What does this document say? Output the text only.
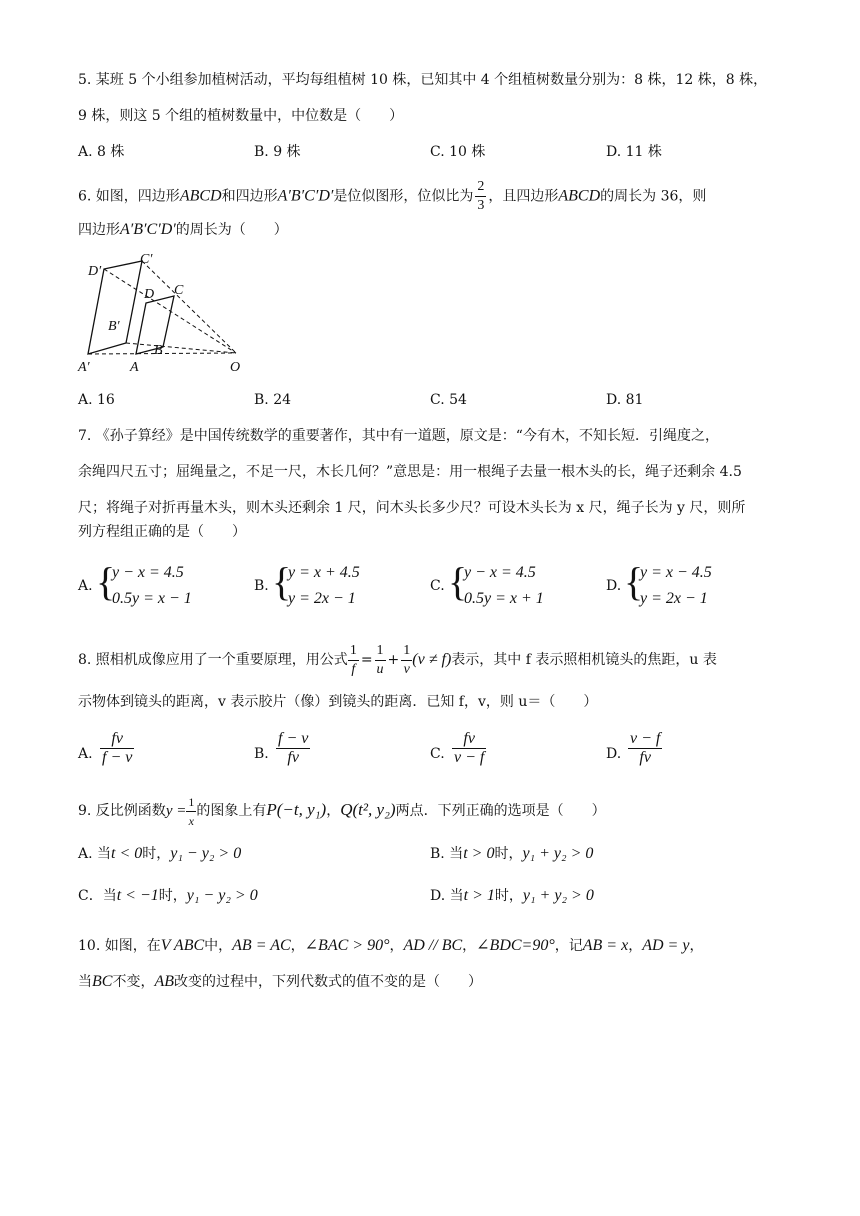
5. 某班 5 个小组参加植树活动，平均每组植树 10 株，已知其中 4 个组植树数量分别为：8 株，12 株，8 株，
9 株，则这 5 个组的植树数量中，中位数是（　　）
A. 8 株	B. 9 株	C. 10 株	D. 11 株
6. 如图，四边形ABCD和四边形A′B′C′D′是位似图形，位似比为 $\frac{2}{3}$ ，且四边形ABCD的周长为 36，则
四边形A′B′C′D′的周长为（　　）
D′
C′
D C
B′
B
A′	A	O
A. 16	B. 24	C. 54	D. 81
7. 《孙子算经》是中国传统数学的重要著作，其中有一道题，原文是：“今有木，不知长短．引绳度之，
余绳四尺五寸；屈绳量之，不足一尺，木长几何？”意思是：用一根绳子去量一根木头的长，绳子还剩余 4.5
尺；将绳子对折再量木头，则木头还剩余 1 尺，问木头长多少尺？可设木头长为 x 尺，绳子长为 y 尺，则所
列方程组正确的是（　　）
A. {
y − x = 4.5
0.5y = x − 1
B. {
y = x + 4.5
y = 2x − 1
C. {
y − x = 4.5
0.5y = x + 1
D. {
y = x − 4.5
y = 2x − 1
8. 照相机成像应用了一个重要原理，用公式 $\frac{1}{f} = \frac{1}{u} + \frac{1}{v} (v \ne f)$表示，其中 f 表示照相机镜头的焦距，u 表
示物体到镜头的距离，v 表示胶片（像）到镜头的距离．已知 f，v，则 u＝（　　）
A. $\frac{fv}{f - v}$	B. $\frac{f - v}{fv}$	C. $\frac{fv}{v - f}$	D. $\frac{v - f}{fv}$
9. 反比例函数$y = \frac{1}{x}$ 的图象上有P(−t, y₁)，Q(t², y₂)两点．下列正确的选项是（　　）
A. 当t < 0时，y₁ − y₂ > 0	B. 当t > 0时，y₁ + y₂ > 0
C．当t < −1时，y₁ − y₂ > 0	D. 当t > 1时，y₁ + y₂ > 0
10. 如图，在V ABC中，AB = AC，∠BAC > 90°，AD // BC，∠BDC=90°，记AB = x，AD = y，
当BC不变，AB改变的过程中，下列代数式的值不变的是（　　）
